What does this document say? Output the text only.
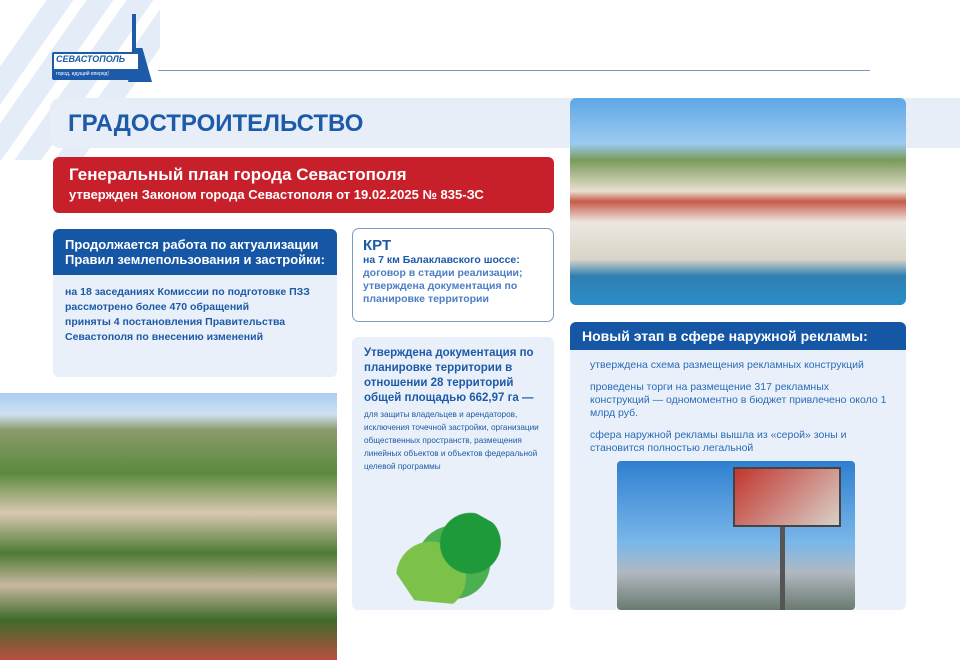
СЕВАСТОПОЛЬ
город, идущий вперед!
ГРАДОСТРОИТЕЛЬСТВО
Генеральный план города Севастополя
утвержден Законом города Севастополя от 19.02.2025 № 835-ЗС
Продолжается работа по актуализации Правил землепользования и застройки:
на 18 заседаниях Комиссии по подготовке ПЗЗ рассмотрено более 470 обращений
приняты 4 постановления Правительства Севастополя по внесению изменений
КРТ
на 7 км Балаклавского шоссе:
договор в стадии реализации; утверждена документация по планировке территории
Утверждена документация по планировке территории в отношении 28 территорий общей площадью 662,97 га —
для защиты владельцев и арендаторов, исключения точечной застройки, организации общественных пространств, размещения линейных объектов и объектов федеральной целевой программы
Новый этап в сфере наружной рекламы:
утверждена схема размещения рекламных конструкций
проведены торги на размещение 317 рекламных конструкций — одномоментно в бюджет привлечено около 1 млрд руб.
сфера наружной рекламы вышла из «серой» зоны и становится полностью легальной
